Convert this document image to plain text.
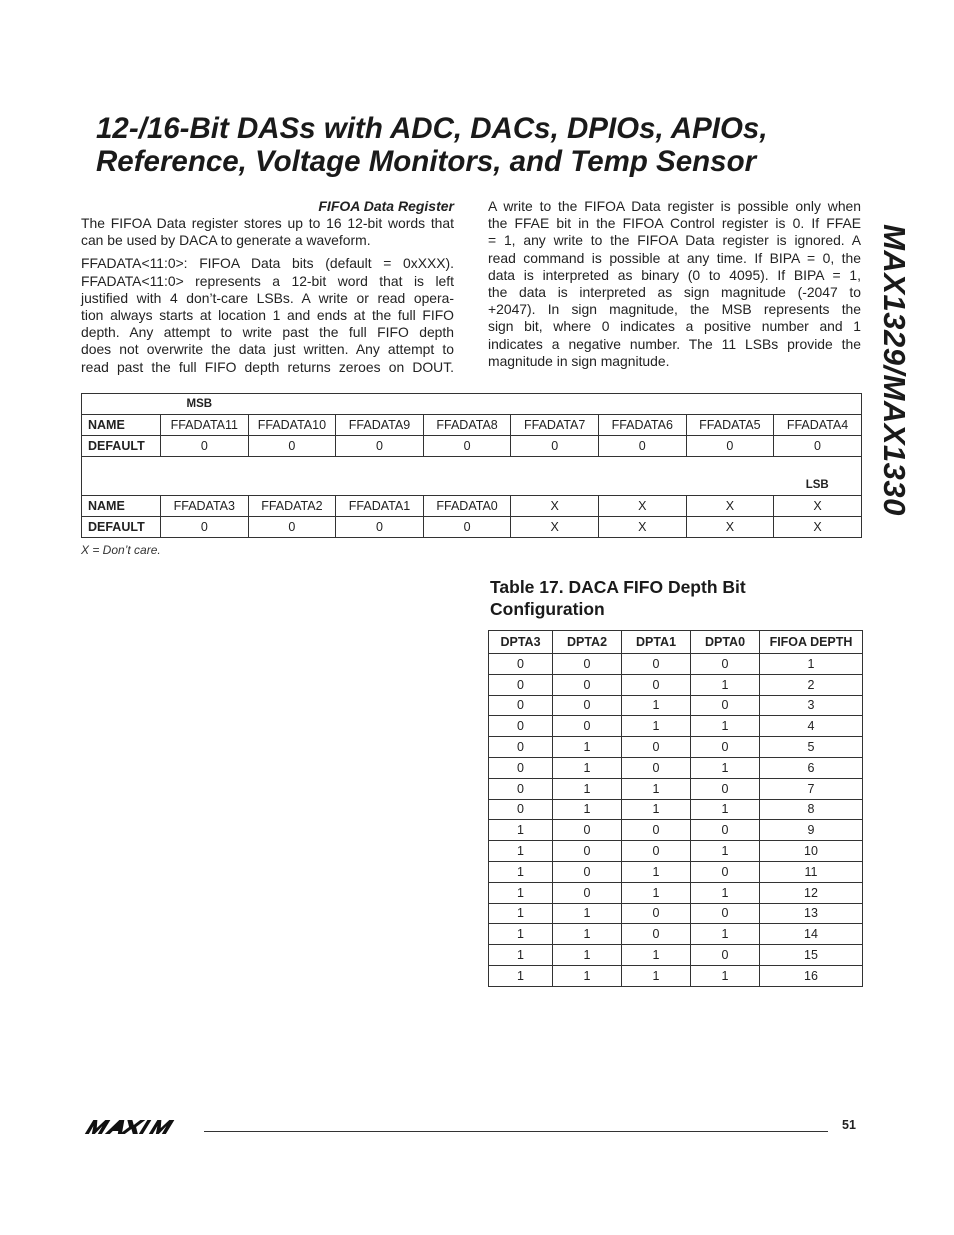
12-/16-Bit DASs with ADC, DACs, DPIOs, APIOs,
Reference, Voltage Monitors, and Temp Sensor
MAX1329/MAX1330
FIFOA Data Register

The FIFOA Data register stores up to 16 12-bit words that can be used by DACA to generate a waveform.

FFADATA<11:0>: FIFOA Data bits (default = 0xXXX).
FFADATA<11:0> represents a 12-bit word that is left
justified with 4 don’t-care LSBs. A write or read opera-
tion always starts at location 1 and ends at the full FIFO
depth. Any attempt to write past the full FIFO depth
does not overwrite the data just written. Any attempt to
read past the full FIFO depth returns zeroes on DOUT.

A write to the FIFOA Data register is possible only when
the FFAE bit in the FIFOA Control register is 0. If FFAE
= 1, any write to the FIFOA Data register is ignored. A
read command is possible at any time. If BIPA = 0, the
data is interpreted as binary (0 to 4095). If BIPA = 1,
the data is interpreted as sign magnitude (-2047 to
+2047). In sign magnitude, the MSB represents the
sign bit, where 0 indicates a positive number and 1
indicates a negative number. The 11 LSBs provide the
magnitude in sign magnitude.

	MSB							
NAME	FFADATA11	FFADATA10	FFADATA9	FFADATA8	FFADATA7	FFADATA6	FFADATA5	FFADATA4
DEFAULT	0	0	0	0	0	0	0	0

								LSB
NAME	FFADATA3	FFADATA2	FFADATA1	FFADATA0	X	X	X	X
DEFAULT	0	0	0	0	X	X	X	X
X = Don’t care.
Table 17. DACA FIFO Depth Bit Configuration
DPTA3	DPTA2	DPTA1	DPTA0	FIFOA DEPTH
0	0	0	0	1
0	0	0	1	2
0	0	1	0	3
0	0	1	1	4
0	1	0	0	5
0	1	0	1	6
0	1	1	0	7
0	1	1	1	8
1	0	0	0	9
1	0	0	1	10
1	0	1	0	11
1	0	1	1	12
1	1	0	0	13
1	1	0	1	14
1	1	1	0	15
1	1	1	1	16
51
